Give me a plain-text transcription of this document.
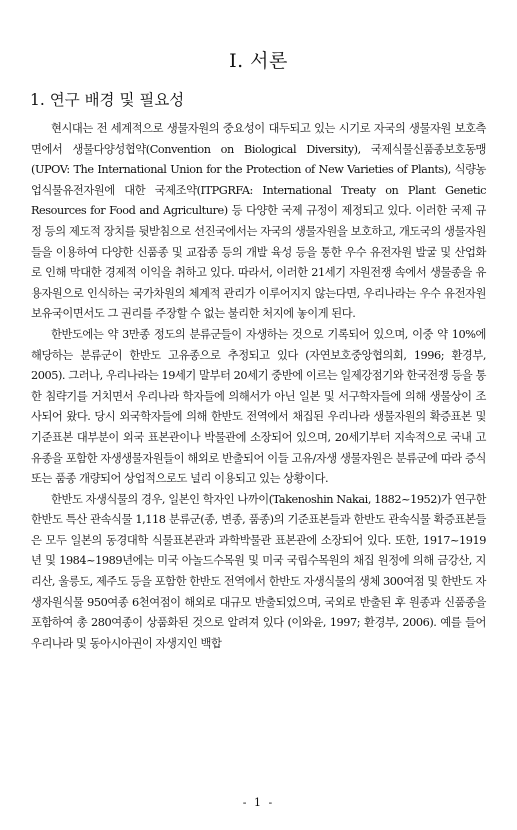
I. 서론
1. 연구 배경 및 필요성

현시대는 전 세계적으로 생물자원의 중요성이 대두되고 있는 시기로 자국의 생물자원 보호측면에서 생물다양성협약(Convention on Biological Diversity), 국제식물신품종보호동맹(UPOV: The International Union for the Protection of New Varieties of Plants), 식량농업식물유전자원에 대한 국제조약(ITPGRFA: International Treaty on Plant Genetic Resources for Food and Agriculture) 등 다양한 국제 규정이 제정되고 있다. 이러한 국제 규정 등의 제도적 장치를 뒷받침으로 선진국에서는 자국의 생물자원을 보호하고, 개도국의 생물자원들을 이용하여 다양한 신품종 및 교잡종 등의 개발 육성 등을 통한 우수 유전자원 발굴 및 산업화로 인해 막대한 경제적 이익을 취하고 있다. 따라서, 이러한 21세기 자원전쟁 속에서 생물종을 유용자원으로 인식하는 국가차원의 체계적 관리가 이루어지지 않는다면, 우리나라는 우수 유전자원 보유국이면서도 그 권리를 주장할 수 없는 불리한 처지에 놓이게 된다.

한반도에는 약 3만종 정도의 분류군들이 자생하는 것으로 기록되어 있으며, 이중 약 10%에 해당하는 분류군이 한반도 고유종으로 추정되고 있다 (자연보호중앙협의회, 1996; 환경부, 2005). 그러나, 우리나라는 19세기 말부터 20세기 중반에 이르는 일제강점기와 한국전쟁 등을 통한 침략기를 거치면서 우리나라 학자들에 의해서가 아닌 일본 및 서구학자들에 의해 생물상이 조사되어 왔다. 당시 외국학자들에 의해 한반도 전역에서 채집된 우리나라 생물자원의 확증표본 및 기준표본 대부분이 외국 표본관이나 박물관에 소장되어 있으며, 20세기부터 지속적으로 국내 고유종을 포함한 자생생물자원들이 해외로 반출되어 이들 고유/자생 생물자원은 분류군에 따라 증식 또는 품종 개량되어 상업적으로도 널리 이용되고 있는 상황이다.

한반도 자생식물의 경우, 일본인 학자인 나까이(Takenoshin Nakai, 1882~1952)가 연구한 한반도 특산 관속식물 1,118 분류군(종, 변종, 품종)의 기준표본들과 한반도 관속식물 확증표본들은 모두 일본의 동경대학 식물표본관과 과학박물관 표본관에 소장되어 있다. 또한, 1917~1919년 및 1984~1989년에는 미국 아놀드수목원 및 미국 국립수목원의 채집 원정에 의해 금강산, 지리산, 울릉도, 제주도 등을 포함한 한반도 전역에서 한반도 자생식물의 생체 300여점 및 한반도 자생자원식물 950여종 6천여점이 해외로 대규모 반출되었으며, 국외로 반출된 후 원종과 신품종을 포함하여 총 280여종이 상품화된 것으로 알려져 있다 (이와윤, 1997; 환경부, 2006). 예를 들어 우리나라 및 동아시아권이 자생지인 백합

- 1 -
